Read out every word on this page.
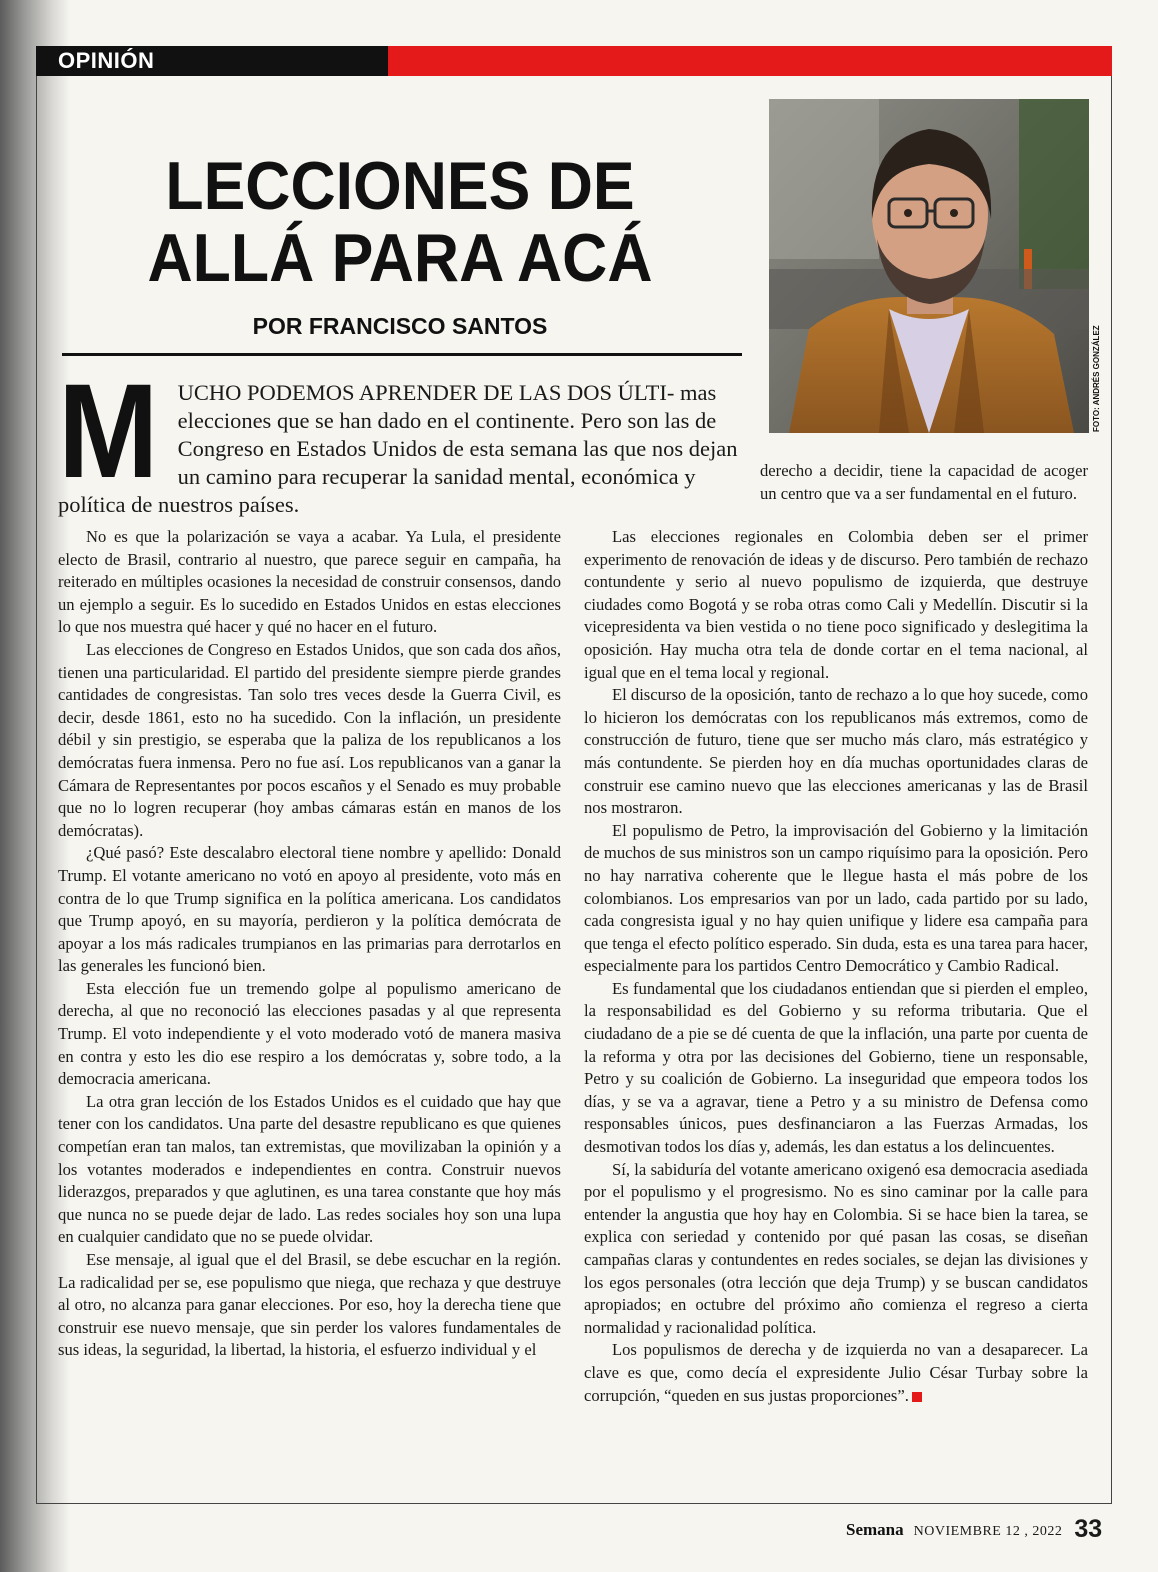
OPINIÓN
LECCIONES DE
ALLÁ PARA ACÁ
POR FRANCISCO SANTOS	FOTO: ANDRÉS GONZÁLEZ
M UCHO PODEMOS APRENDER DE LAS DOS ÚLTI- mas elecciones que se han dado en el continente. Pero son las de Congreso en Estados Unidos de esta semana las que nos dejan un camino para recuperar la sanidad mental, económica y política de nuestros países.
derecho a decidir, tiene la capacidad de acoger un centro que va a ser fundamental en el futuro.

No es que la polarización se vaya a acabar. Ya Lula, el presidente electo de Brasil, contrario al nuestro, que parece seguir en campaña, ha reiterado en múltiples ocasiones la necesidad de construir consensos, dando un ejemplo a seguir. Es lo sucedido en Estados Unidos en estas elecciones lo que nos muestra qué hacer y qué no hacer en el futuro.

Las elecciones de Congreso en Estados Unidos, que son cada dos años, tienen una particularidad. El partido del presidente siempre pierde grandes cantidades de congresistas. Tan solo tres veces desde la Guerra Civil, es decir, desde 1861, esto no ha sucedido. Con la inflación, un presidente débil y sin prestigio, se esperaba que la paliza de los republicanos a los demócratas fuera inmensa. Pero no fue así. Los republicanos van a ganar la Cámara de Representantes por pocos escaños y el Senado es muy probable que no lo logren recuperar (hoy ambas cámaras están en manos de los demócratas).

¿Qué pasó? Este descalabro electoral tiene nombre y apellido: Donald Trump. El votante americano no votó en apoyo al presidente, voto más en contra de lo que Trump significa en la política americana. Los candidatos que Trump apoyó, en su mayoría, perdieron y la política demócrata de apoyar a los más radicales trumpianos en las primarias para derrotarlos en las generales les funcionó bien.

Esta elección fue un tremendo golpe al populismo americano de derecha, al que no reconoció las elecciones pasadas y al que representa Trump. El voto independiente y el voto moderado votó de manera masiva en contra y esto les dio ese respiro a los demócratas y, sobre todo, a la democracia americana.

La otra gran lección de los Estados Unidos es el cuidado que hay que tener con los candidatos. Una parte del desastre republicano es que quienes competían eran tan malos, tan extremistas, que movilizaban la opinión y a los votantes moderados e independientes en contra. Construir nuevos liderazgos, preparados y que aglutinen, es una tarea constante que hoy más que nunca no se puede dejar de lado. Las redes sociales hoy son una lupa en cualquier candidato que no se puede olvidar.

Ese mensaje, al igual que el del Brasil, se debe escuchar en la región. La radicalidad per se, ese populismo que niega, que rechaza y que destruye al otro, no alcanza para ganar elecciones. Por eso, hoy la derecha tiene que construir ese nuevo mensaje, que sin perder los valores fundamentales de sus ideas, la seguridad, la libertad, la historia, el esfuerzo individual y el

Las elecciones regionales en Colombia deben ser el primer experimento de renovación de ideas y de discurso. Pero también de rechazo contundente y serio al nuevo populismo de izquierda, que destruye ciudades como Bogotá y se roba otras como Cali y Medellín. Discutir si la vicepresidenta va bien vestida o no tiene poco significado y deslegitima la oposición. Hay mucha otra tela de donde cortar en el tema nacional, al igual que en el tema local y regional.

El discurso de la oposición, tanto de rechazo a lo que hoy sucede, como lo hicieron los demócratas con los republicanos más extremos, como de construcción de futuro, tiene que ser mucho más claro, más estratégico y más contundente. Se pierden hoy en día muchas oportunidades claras de construir ese camino nuevo que las elecciones americanas y las de Brasil nos mostraron.

El populismo de Petro, la improvisación del Gobierno y la limitación de muchos de sus ministros son un campo riquísimo para la oposición. Pero no hay narrativa coherente que le llegue hasta el más pobre de los colombianos. Los empresarios van por un lado, cada partido por su lado, cada congresista igual y no hay quien unifique y lidere esa campaña para que tenga el efecto político esperado. Sin duda, esta es una tarea para hacer, especialmente para los partidos Centro Democrático y Cambio Radical.

Es fundamental que los ciudadanos entiendan que si pierden el empleo, la responsabilidad es del Gobierno y su reforma tributaria. Que el ciudadano de a pie se dé cuenta de que la inflación, una parte por cuenta de la reforma y otra por las decisiones del Gobierno, tiene un responsable, Petro y su coalición de Gobierno. La inseguridad que empeora todos los días, y se va a agravar, tiene a Petro y a su ministro de Defensa como responsables únicos, pues desfinanciaron a las Fuerzas Armadas, los desmotivan todos los días y, además, les dan estatus a los delincuentes.

Sí, la sabiduría del votante americano oxigenó esa democracia asediada por el populismo y el progresismo. No es sino caminar por la calle para entender la angustia que hoy hay en Colombia. Si se hace bien la tarea, se explica con seriedad y contenido por qué pasan las cosas, se diseñan campañas claras y contundentes en redes sociales, se dejan las divisiones y los egos personales (otra lección que deja Trump) y se buscan candidatos apropiados; en octubre del próximo año comienza el regreso a cierta normalidad y racionalidad política.

Los populismos de derecha y de izquierda no van a desaparecer. La clave es que, como decía el expresidente Julio César Turbay sobre la corrupción, “queden en sus justas proporciones”.

Semana NOVIEMBRE 12 , 2022 33
